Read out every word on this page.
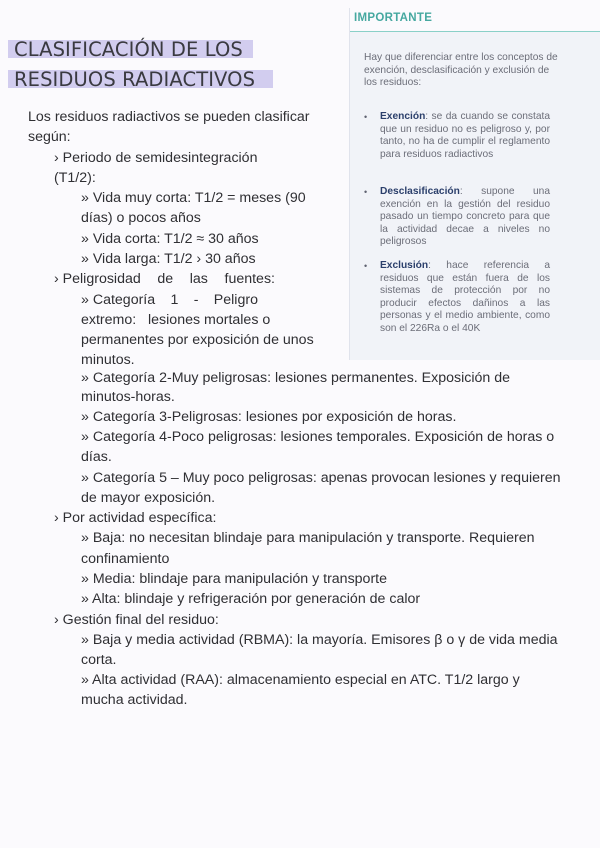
CLASIFICACIÓN DE LOS
RESIDUOS RADIACTIVOS
IMPORTANTE
Hay que diferenciar entre los conceptos de exención, desclasificación y exclusión de los residuos:
• Exención: se da cuando se constata que un residuo no es peligroso y, por tanto, no ha de cumplir el reglamento para residuos radiactivos
• Desclasificación: supone una exención en la gestión del residuo pasado un tiempo concreto para que la actividad decae a niveles no peligrosos
• Exclusión: hace referencia a residuos que están fuera de los sistemas de protección por no producir efectos dañinos a las personas y el medio ambiente, como son el 226Ra o el 40K
Los residuos radiactivos se pueden clasificar
según:
› Periodo de semidesintegración
(T1/2):
» Vida muy corta: T1/2 = meses (90
días) o pocos años
» Vida corta: T1/2 ≈ 30 años
» Vida larga: T1/2 › 30 años
› Peligrosidad de las fuentes:
» Categoría 1 - Peligro
extremo:   lesiones mortales o
permanentes por exposición de unos
minutos.
» Categoría 2-Muy peligrosas: lesiones permanentes. Exposición de
minutos-horas.
» Categoría 3-Peligrosas: lesiones por exposición de horas.
» Categoría 4-Poco peligrosas: lesiones temporales. Exposición de horas o
días.
» Categoría 5 – Muy poco peligrosas: apenas provocan lesiones y requieren
de mayor exposición.
› Por actividad específica:
» Baja: no necesitan blindaje para manipulación y transporte. Requieren
confinamiento
» Media: blindaje para manipulación y transporte
» Alta: blindaje y refrigeración por generación de calor
› Gestión final del residuo:
» Baja y media actividad (RBMA): la mayoría. Emisores β o γ de vida media
corta.
» Alta actividad (RAA): almacenamiento especial en ATC. T1/2 largo y
mucha actividad.
